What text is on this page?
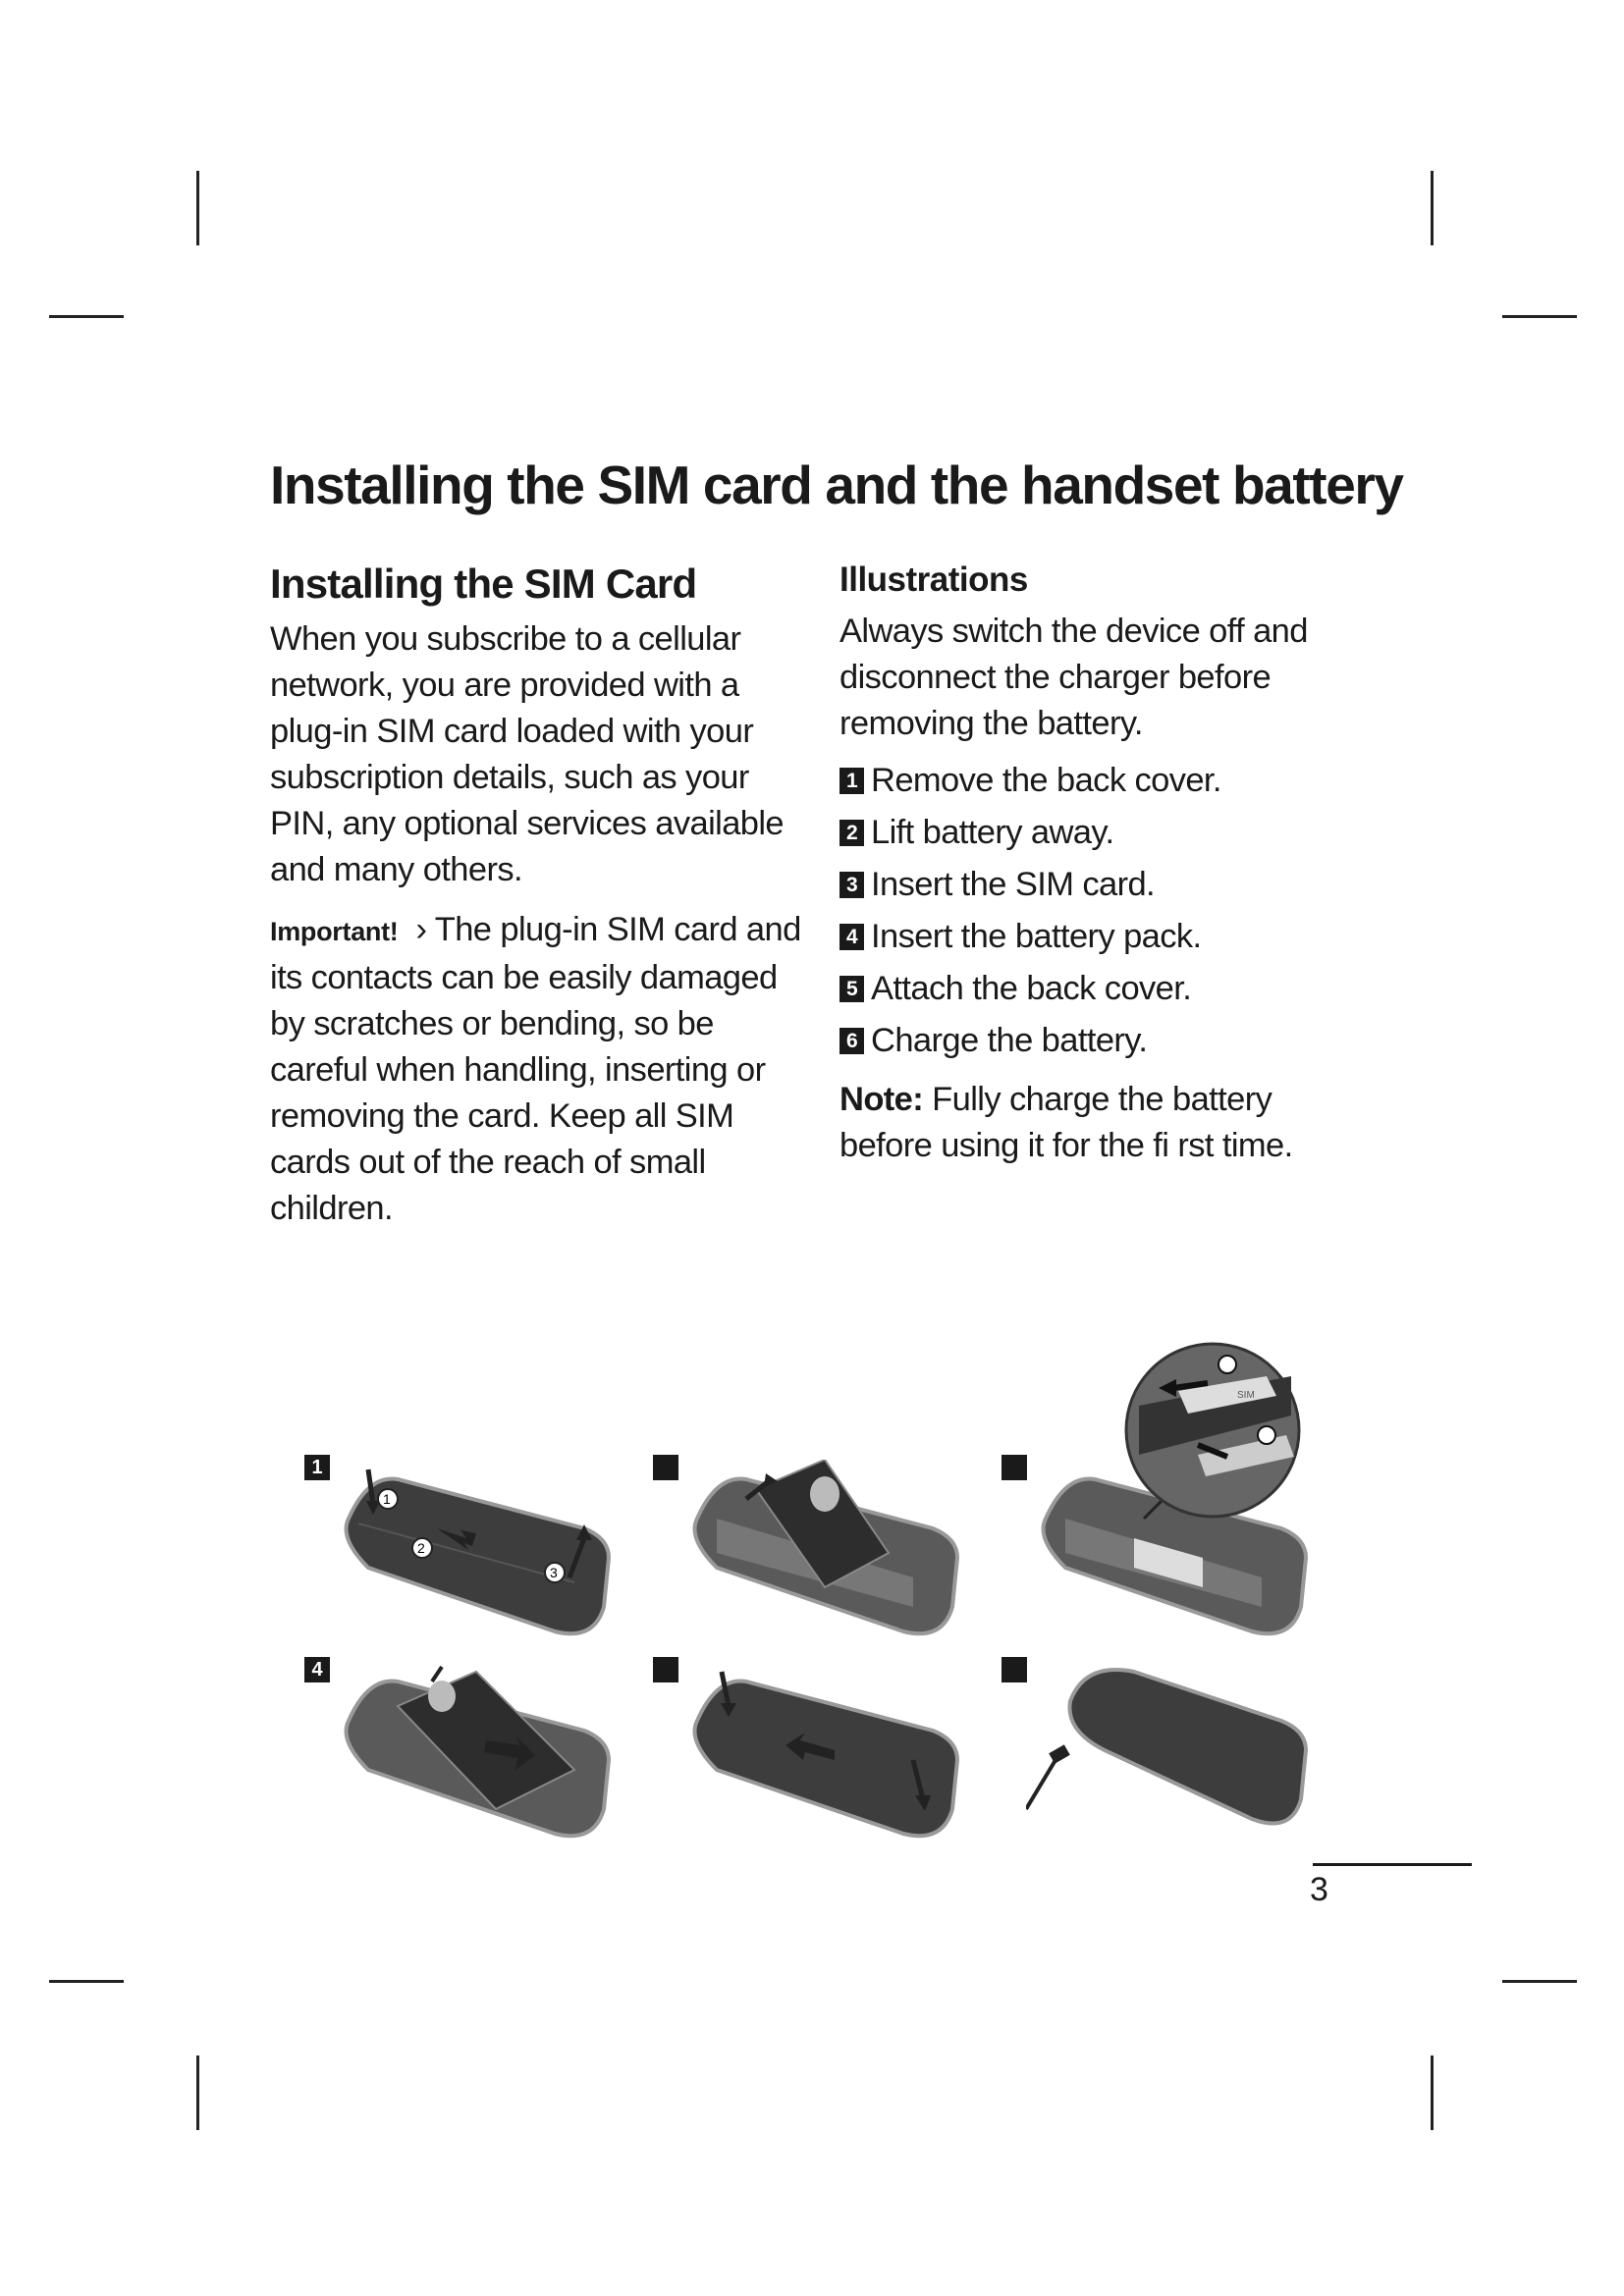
Installing the SIM card and the handset battery
Installing the SIM Card

When you subscribe to a cellular network, you are provided with a plug-in SIM card loaded with your subscription details, such as your PIN, any optional services available and many others.

Important! › The plug-in SIM card and its contacts can be easily damaged by scratches or bending, so be careful when handling, inserting or removing the card. Keep all SIM cards out of the reach of small children.

Illustrations

Always switch the device off and disconnect the charger before removing the battery.

1 Remove the back cover.
2 Lift battery away.
3 Insert the SIM card.
4 Insert the battery pack.
5 Attach the back cover.
6 Charge the battery.

Note: Fully charge the battery before using it for the fi rst time.

1
1
2
3
SIM
4
3
